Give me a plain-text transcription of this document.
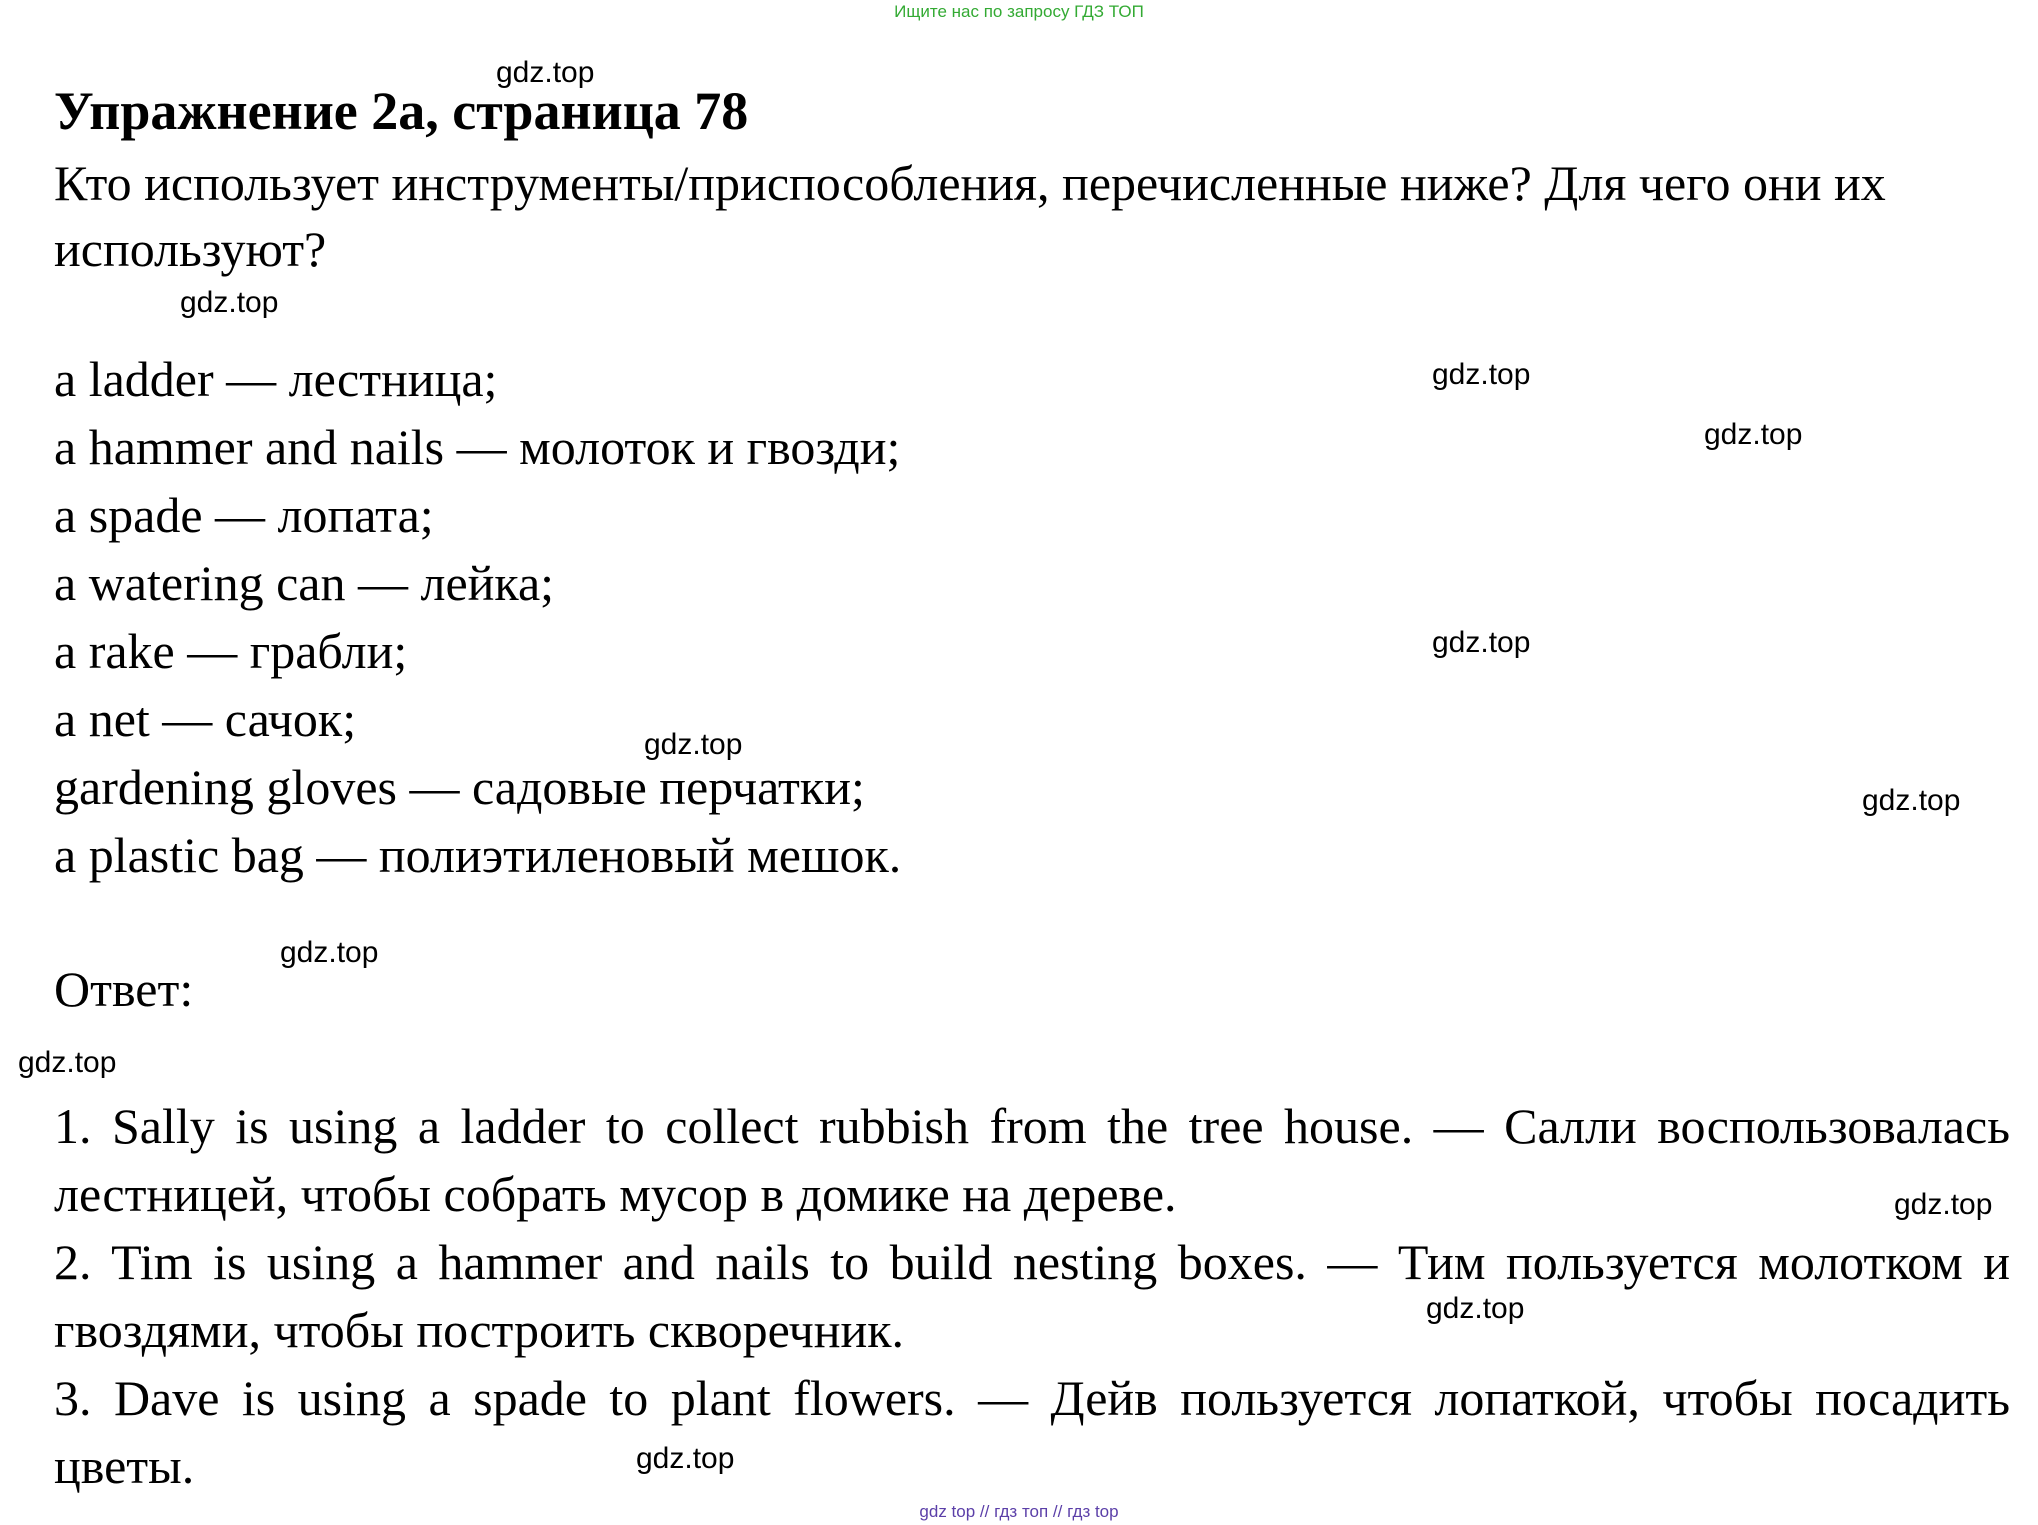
Ищите нас по запросу ГДЗ ТОП
Упражнение 2а, страница 78
Кто использует инструменты/приспособления, перечисленные ниже? Для чего они их используют?
a ladder — лестница;
a hammer and nails — молоток и гвозди;
a spade — лопата;
a watering can — лейка;
a rake — грабли;
a net — сачок;
gardening gloves — садовые перчатки;
a plastic bag — полиэтиленовый мешок.
Ответ:
1. Sally is using a ladder to collect rubbish from the tree house. — Салли воспользовалась лестницей, чтобы собрать мусор в домике на дереве.
2. Tim is using a hammer and nails to build nesting boxes. — Тим пользуется молотком и гвоздями, чтобы построить скворечник.
3. Dave is using a spade to plant flowers. — Дейв пользуется лопаткой, чтобы посадить цветы.
gdz.top
gdz.top
gdz.top
gdz.top
gdz.top
gdz.top
gdz.top
gdz.top
gdz.top
gdz.top
gdz.top
gdz.top
gdz top // гдз топ // гдз top
